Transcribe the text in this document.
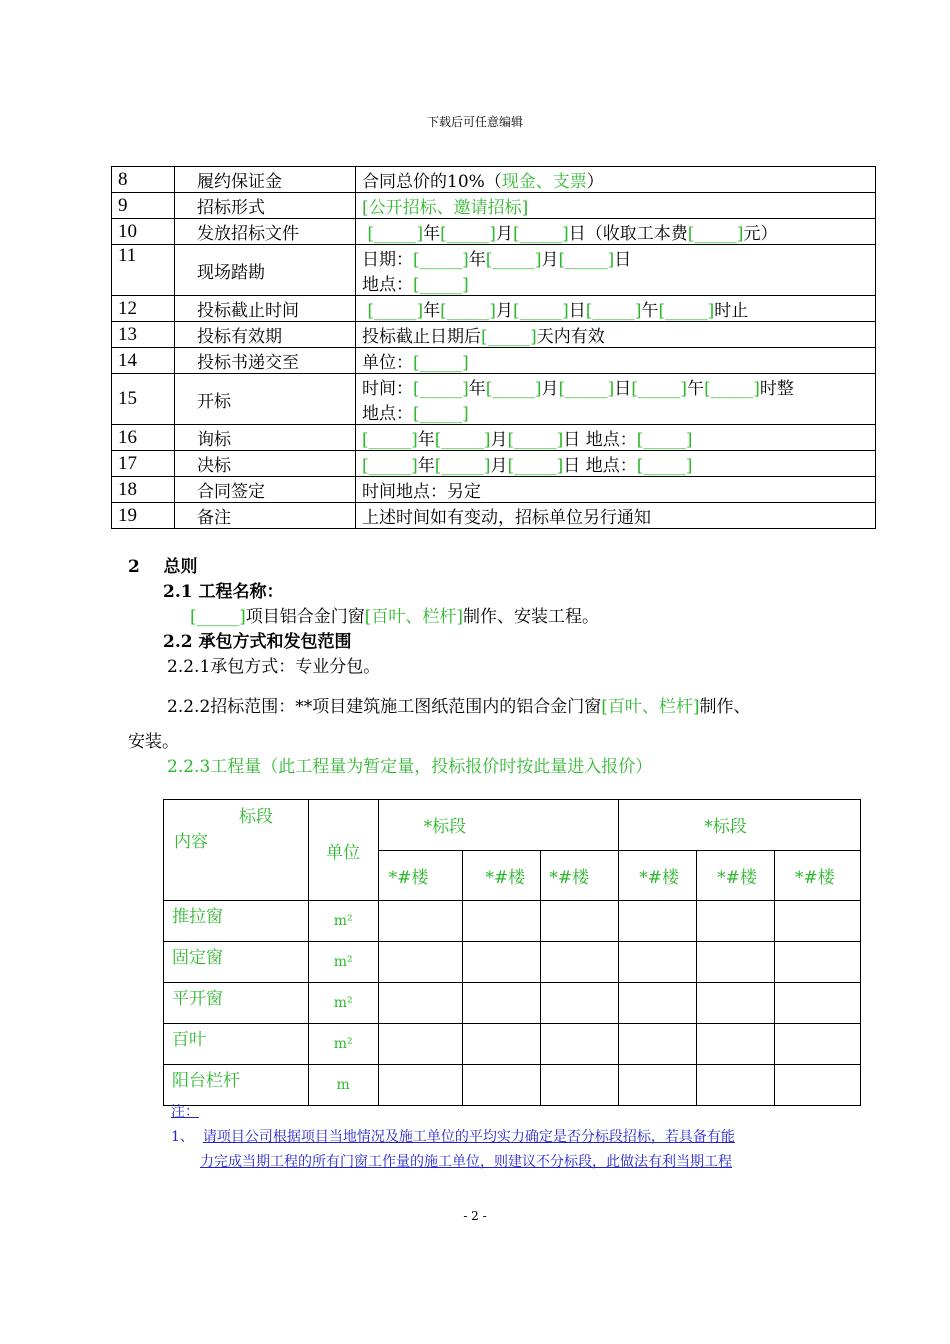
下载后可任意编辑
8	履约保证金	合同总价的10%（现金、支票）
9	招标形式	[公开招标、邀请招标]
10	发放招标文件	[_____]年[_____]月[_____]日（收取工本费[_____]元）
11	现场踏勘	日期：[_____]年[_____]月[_____]日
地点：[_____]
12	投标截止时间	[_____]年[_____]月[_____]日[_____]午[_____]时止
13	投标有效期	投标截止日期后[_____]天内有效
14	投标书递交至	单位：[_____]
15	开标	时间：[_____]年[_____]月[_____]日[_____]午[_____]时整
地点：[_____]
16	询标	[_____]年[_____]月[_____]日 地点：[_____]
17	决标	[_____]年[_____]月[_____]日 地点：[_____]
18	合同签定	时间地点：另定
19	备注	上述时间如有变动，招标单位另行通知
2 总则
2.1 工程名称：
[_____]项目铝合金门窗[百叶、栏杆]制作、安装工程。
2.2 承包方式和发包范围
2.2.1承包方式：专业分包。
2.2.2招标范围：**项目建筑施工图纸范围内的铝合金门窗[百叶、栏杆]制作、
安装。
2.2.3工程量（此工程量为暂定量，投标报价时按此量进入报价）
标段
内容	单位	*标段			*标段		
		*#楼	*#楼	*#楼	*#楼	*#楼	*#楼
推拉窗	m²						
固定窗	m²						
平开窗	m²						
百叶	m²						
阳台栏杆	m						
注：
1、 请项目公司根据项目当地情况及施工单位的平均实力确定是否分标段招标，若具备有能
力完成当期工程的所有门窗工作量的施工单位，则建议不分标段，此做法有利当期工程
- 2 -
